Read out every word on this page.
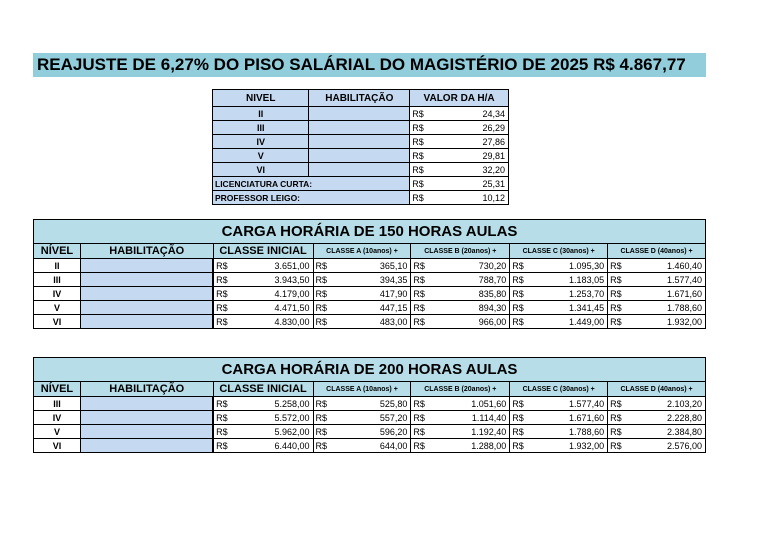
REAJUSTE DE 6,27% DO PISO SALÁRIAL DO MAGISTÉRIO DE 2025 R$ 4.867,77
NIVEL	HABILITAÇÃO	VALOR DA H/A
II		R$ 24,34

III		R$ 26,29

IV		R$ 27,86

V		R$ 29,81

VI		R$ 32,20

LICENCIATURA CURTA:		R$ 25,31

PROFESSOR LEIGO:		R$ 10,12
CARGA HORÁRIA DE 150 HORAS AULAS						
NÍVEL	HABILITAÇÃO	CLASSE INICIAL	CLASSE A (10anos) +	CLASSE B (20anos) +	CLASSE C (30anos) +	CLASSE D (40anos) +
II		R$ 3.651,00	R$ 365,10	R$ 730,20	R$ 1.095,30	R$ 1.460,40

III		R$ 3.943,50	R$ 394,35	R$ 788,70	R$ 1.183,05	R$ 1.577,40

IV		R$ 4.179,00	R$ 417,90	R$ 835,80	R$ 1.253,70	R$ 1.671,60

V		R$ 4.471,50	R$ 447,15	R$ 894,30	R$ 1.341,45	R$ 1.788,60

VI		R$ 4.830,00	R$ 483,00	R$ 966,00	R$ 1.449,00	R$ 1.932,00
CARGA HORÁRIA DE 200 HORAS AULAS						
NÍVEL	HABILITAÇÃO	CLASSE INICIAL	CLASSE A (10anos) +	CLASSE B (20anos) +	CLASSE C (30anos) +	CLASSE D (40anos) +
III		R$ 5.258,00	R$ 525,80	R$ 1.051,60	R$ 1.577,40	R$ 2.103,20

IV		R$ 5.572,00	R$ 557,20	R$ 1.114,40	R$ 1.671,60	R$ 2.228,80

V		R$ 5.962,00	R$ 596,20	R$ 1.192,40	R$ 1.788,60	R$ 2.384,80

VI		R$ 6.440,00	R$ 644,00	R$ 1.288,00	R$ 1.932,00	R$ 2.576,00
